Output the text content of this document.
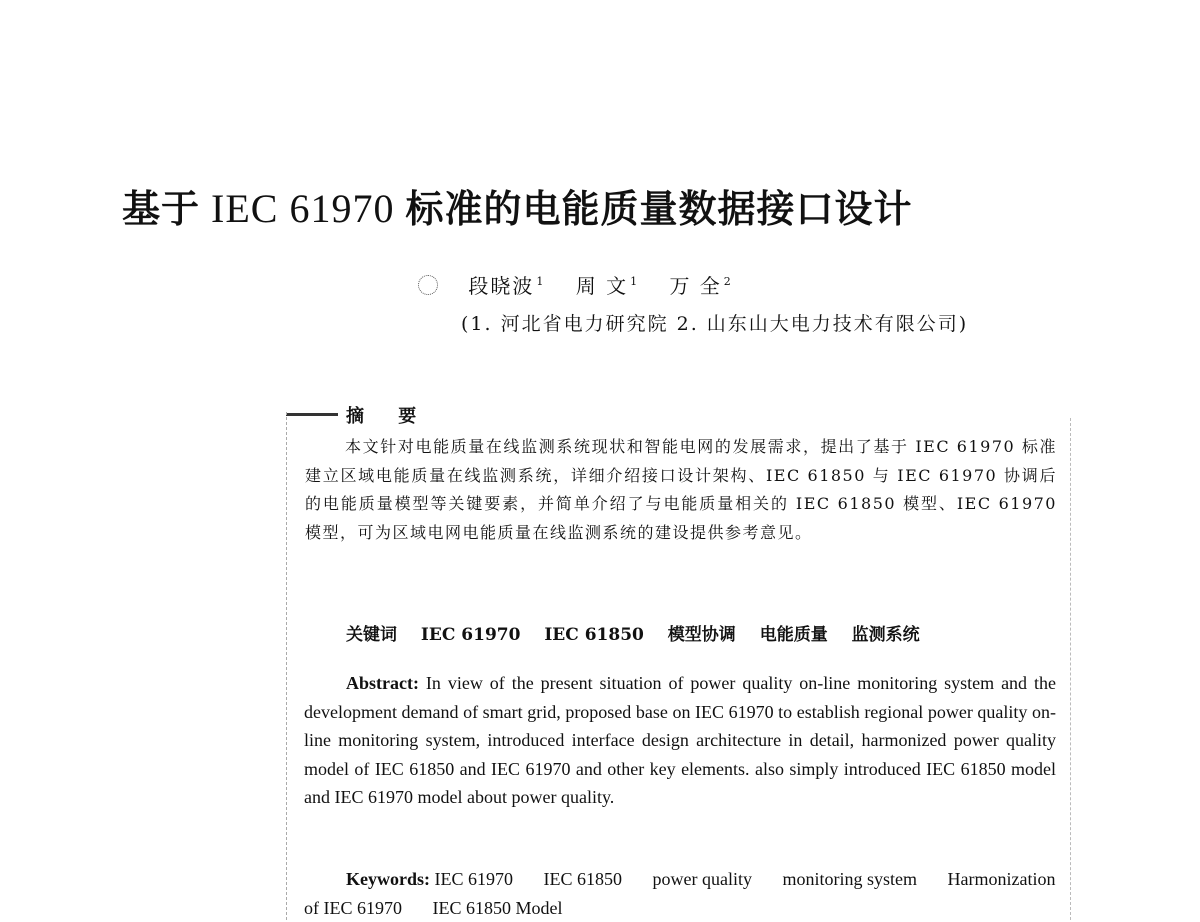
基于 IEC 61970 标准的电能质量数据接口设计
段晓波 $^1$ 周 文 $^1$ 万 全 $^2$
(1. 河北省电力研究院 2. 山东山大电力技术有限公司)
摘 要

本文针对电能质量在线监测系统现状和智能电网的发展需求，提出了基于 IEC 61970 标准建立区域电能质量在线监测系统，详细介绍接口设计架构、IEC 61850 与 IEC 61970 协调后的电能质量模型等关键要素，并简单介绍了与电能质量相关的 IEC 61850 模型、IEC 61970 模型，可为区域电网电能质量在线监测系统的建设提供参考意见。

关键词 IEC 61970 IEC 61850 模型协调 电能质量 监测系统

Abstract: In view of the present situation of power quality on-line monitoring system and the development demand of smart grid, proposed base on IEC 61970 to establish regional power quality on-line monitoring system, introduced interface design architecture in detail, harmonized power quality model of IEC 61850 and IEC 61970 and other key elements. also simply introduced IEC 61850 model and IEC 61970 model about power quality.

Keywords: IEC 61970 IEC 61850 power quality monitoring system Harmonization of IEC 61970 IEC 61850 Model
